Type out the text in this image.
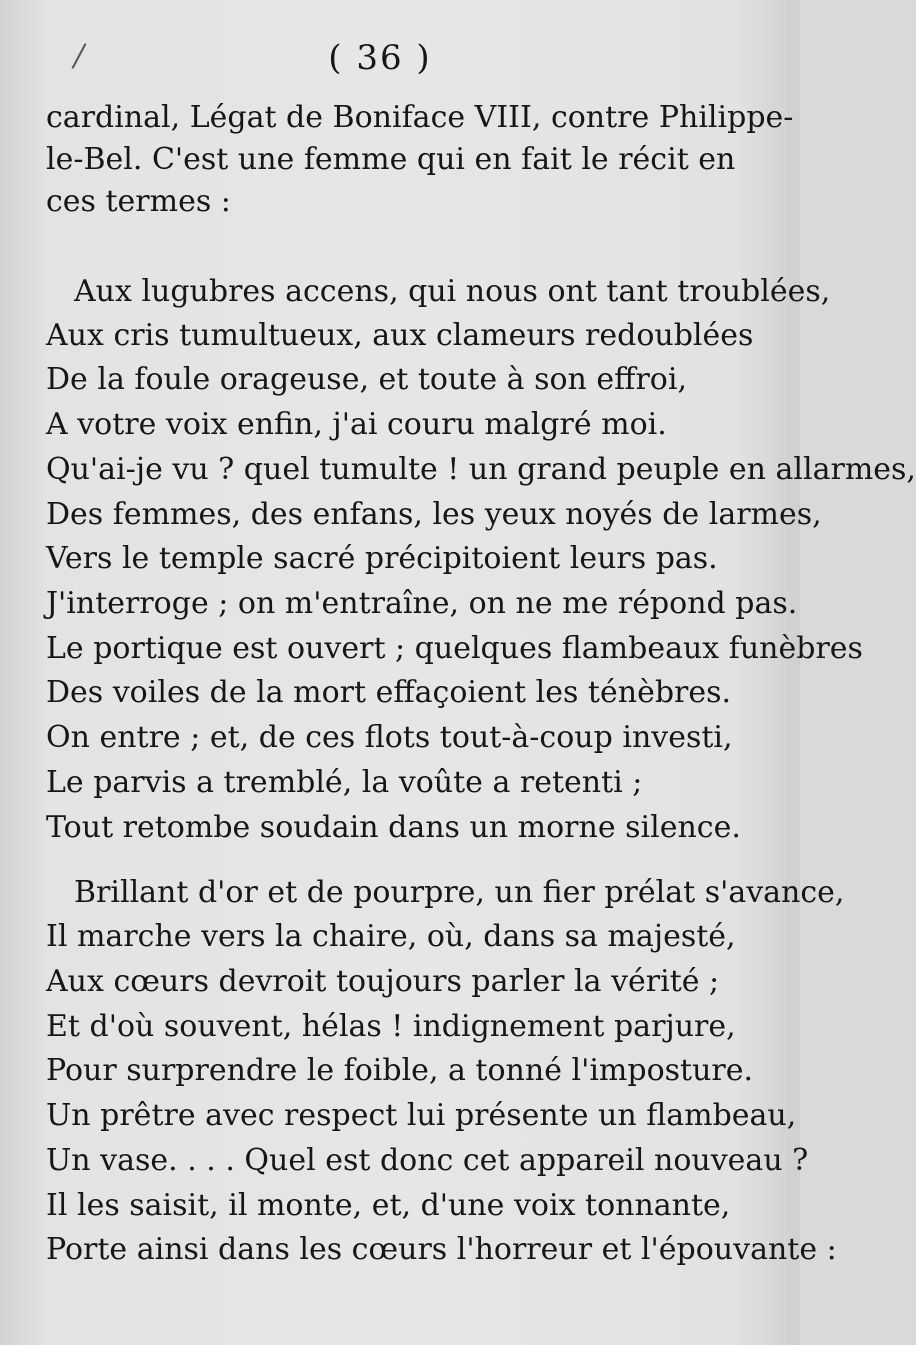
( 36 )
cardinal, Légat de Boniface VIII, contre Philippe-
le-Bel. C'est une femme qui en fait le récit en
ces termes :
Aux lugubres accens, qui nous ont tant troublées,
Aux cris tumultueux, aux clameurs redoublées
De la foule orageuse, et toute à son effroi,
A votre voix enfin, j'ai couru malgré moi.
Qu'ai-je vu ? quel tumulte ! un grand peuple en allarmes,
Des femmes, des enfans, les yeux noyés de larmes,
Vers le temple sacré précipitoient leurs pas.
J'interroge ; on m'entraîne, on ne me répond pas.
Le portique est ouvert ; quelques flambeaux funèbres
Des voiles de la mort effaçoient les ténèbres.
On entre ; et, de ces flots tout-à-coup investi,
Le parvis a tremblé, la voûte a retenti ;
Tout retombe soudain dans un morne silence.
Brillant d'or et de pourpre, un fier prélat s'avance,
Il marche vers la chaire, où, dans sa majesté,
Aux cœurs devroit toujours parler la vérité ;
Et d'où souvent, hélas ! indignement parjure,
Pour surprendre le foible, a tonné l'imposture.
Un prêtre avec respect lui présente un flambeau,
Un vase. . . . Quel est donc cet appareil nouveau ?
Il les saisit, il monte, et, d'une voix tonnante,
Porte ainsi dans les cœurs l'horreur et l'épouvante :
